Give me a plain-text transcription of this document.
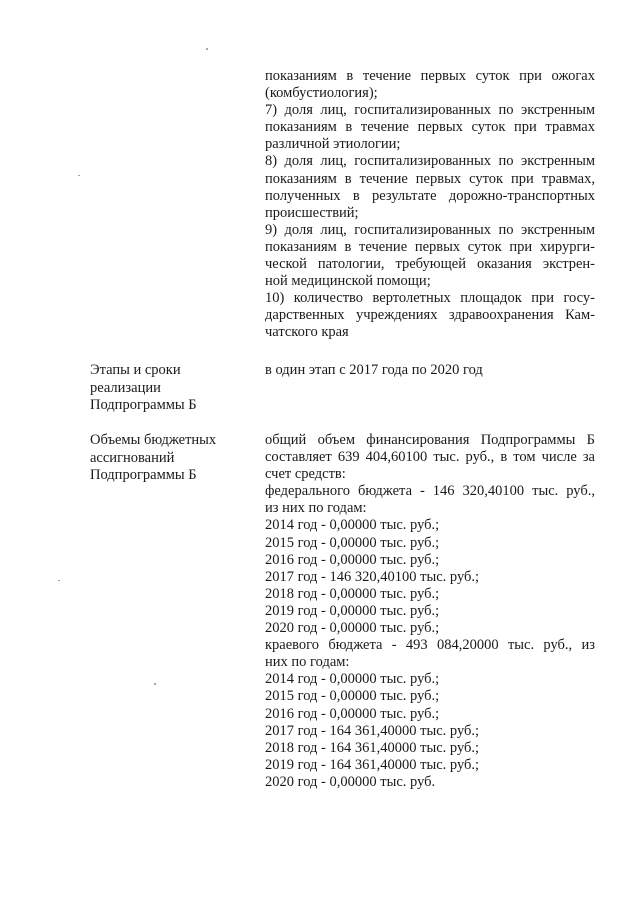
показаниям в течение первых суток при ожогах
(комбустиология);
7) доля лиц, госпитализированных по экстренным
показаниям в течение первых суток при травмах
различной этиологии;
8) доля лиц, госпитализированных по экстренным
показаниям в течение первых суток при травмах,
полученных в результате дорожно-транспортных
происшествий;
9) доля лиц, госпитализированных по экстренным
показаниям в течение первых суток при хирурги-
ческой патологии, требующей оказания экстрен-
ной медицинской помощи;
10) количество вертолетных площадок при госу-
дарственных учреждениях здравоохранения Кам-
чатского края
Этапы и сроки
реализации
Подпрограммы Б
в один этап с 2017 года по 2020 год
Объемы бюджетных
ассигнований
Подпрограммы Б
общий объем финансирования Подпрограммы Б
составляет 639 404,60100 тыс. руб., в том числе за
счет средств:
федерального бюджета - 146 320,40100 тыс. руб.,
из них по годам:
2014 год - 0,00000 тыс. руб.;
2015 год - 0,00000 тыс. руб.;
2016 год - 0,00000 тыс. руб.;
2017 год - 146 320,40100 тыс. руб.;
2018 год - 0,00000 тыс. руб.;
2019 год - 0,00000 тыс. руб.;
2020 год - 0,00000 тыс. руб.;
краевого бюджета - 493 084,20000 тыс. руб., из
них по годам:
2014 год - 0,00000 тыс. руб.;
2015 год - 0,00000 тыс. руб.;
2016 год - 0,00000 тыс. руб.;
2017 год - 164 361,40000 тыс. руб.;
2018 год - 164 361,40000 тыс. руб.;
2019 год - 164 361,40000 тыс. руб.;
2020 год - 0,00000 тыс. руб.
